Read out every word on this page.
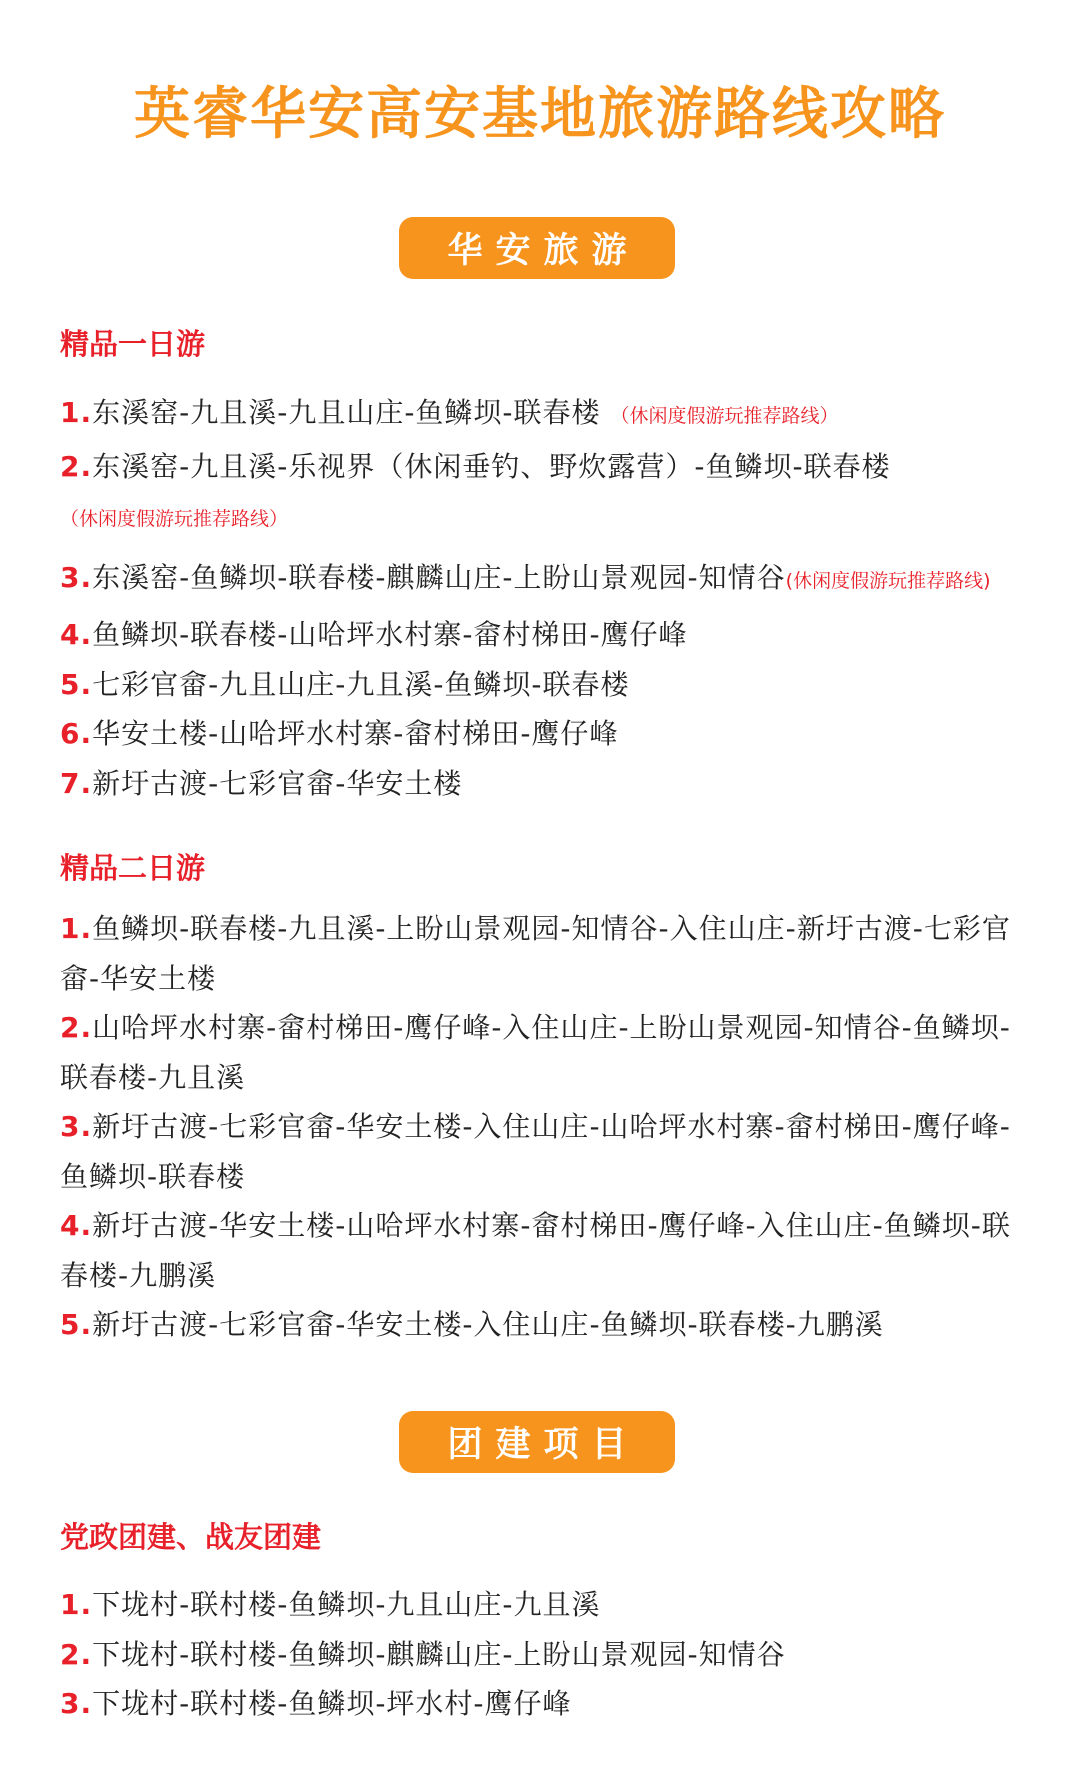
英睿华安高安基地旅游路线攻略
华安旅游
精品一日游
1.东溪窑-九且溪-九且山庄-鱼鳞坝-联春楼 （休闲度假游玩推荐路线）
2.东溪窑-九且溪-乐视界（休闲垂钓、野炊露营）-鱼鳞坝-联春楼
（休闲度假游玩推荐路线）
3.东溪窑-鱼鳞坝-联春楼-麒麟山庄-上盼山景观园-知情谷(休闲度假游玩推荐路线)
4.鱼鳞坝-联春楼-山哈坪水村寨-畲村梯田-鹰仔峰
5.七彩官畲-九且山庄-九且溪-鱼鳞坝-联春楼
6.华安土楼-山哈坪水村寨-畲村梯田-鹰仔峰
7.新圩古渡-七彩官畲-华安土楼
精品二日游
1.鱼鳞坝-联春楼-九且溪-上盼山景观园-知情谷-入住山庄-新圩古渡-七彩官畲-华安土楼
2.山哈坪水村寨-畲村梯田-鹰仔峰-入住山庄-上盼山景观园-知情谷-鱼鳞坝-联春楼-九且溪
3.新圩古渡-七彩官畲-华安土楼-入住山庄-山哈坪水村寨-畲村梯田-鹰仔峰-鱼鳞坝-联春楼
4.新圩古渡-华安土楼-山哈坪水村寨-畲村梯田-鹰仔峰-入住山庄-鱼鳞坝-联春楼-九鹏溪
5.新圩古渡-七彩官畲-华安土楼-入住山庄-鱼鳞坝-联春楼-九鹏溪
团建项目
党政团建、战友团建
1.下垅村-联村楼-鱼鳞坝-九且山庄-九且溪
2.下垅村-联村楼-鱼鳞坝-麒麟山庄-上盼山景观园-知情谷
3.下垅村-联村楼-鱼鳞坝-坪水村-鹰仔峰
